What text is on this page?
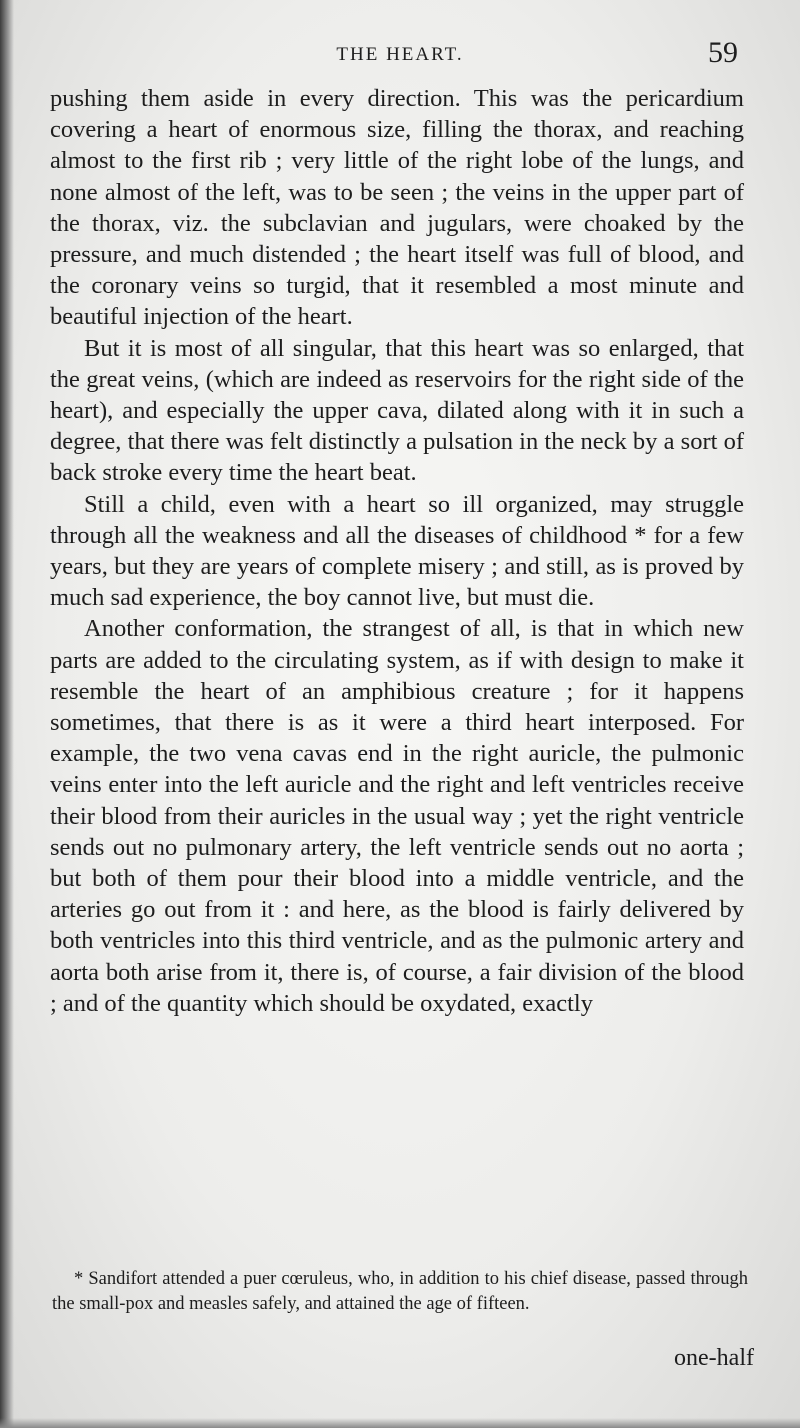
THE HEART.	59

pushing them aside in every direction. This was the pericardium covering a heart of enormous size, filling the thorax, and reaching almost to the first rib ; very little of the right lobe of the lungs, and none almost of the left, was to be seen ; the veins in the upper part of the thorax, viz. the subclavian and jugulars, were choaked by the pressure, and much distended ; the heart itself was full of blood, and the coronary veins so turgid, that it resembled a most minute and beautiful injection of the heart.

But it is most of all singular, that this heart was so enlarged, that the great veins, (which are indeed as reservoirs for the right side of the heart), and especially the upper cava, dilated along with it in such a degree, that there was felt distinctly a pulsation in the neck by a sort of back stroke every time the heart beat.

Still a child, even with a heart so ill organized, may struggle through all the weakness and all the diseases of childhood * for a few years, but they are years of complete misery ; and still, as is proved by much sad experience, the boy cannot live, but must die.

Another conformation, the strangest of all, is that in which new parts are added to the circulating system, as if with design to make it resemble the heart of an amphibious creature ; for it happens sometimes, that there is as it were a third heart interposed. For example, the two vena cavas end in the right auricle, the pulmonic veins enter into the left auricle and the right and left ventricles receive their blood from their auricles in the usual way ; yet the right ventricle sends out no pulmonary artery, the left ventricle sends out no aorta ; but both of them pour their blood into a middle ventricle, and the arteries go out from it : and here, as the blood is fairly delivered by both ventricles into this third ventricle, and as the pulmonic artery and aorta both arise from it, there is, of course, a fair division of the blood ; and of the quantity which should be oxydated, exactly

* Sandifort attended a puer cœruleus, who, in addition to his chief disease, passed through the small-pox and measles safely, and attained the age of fifteen.
one-half
